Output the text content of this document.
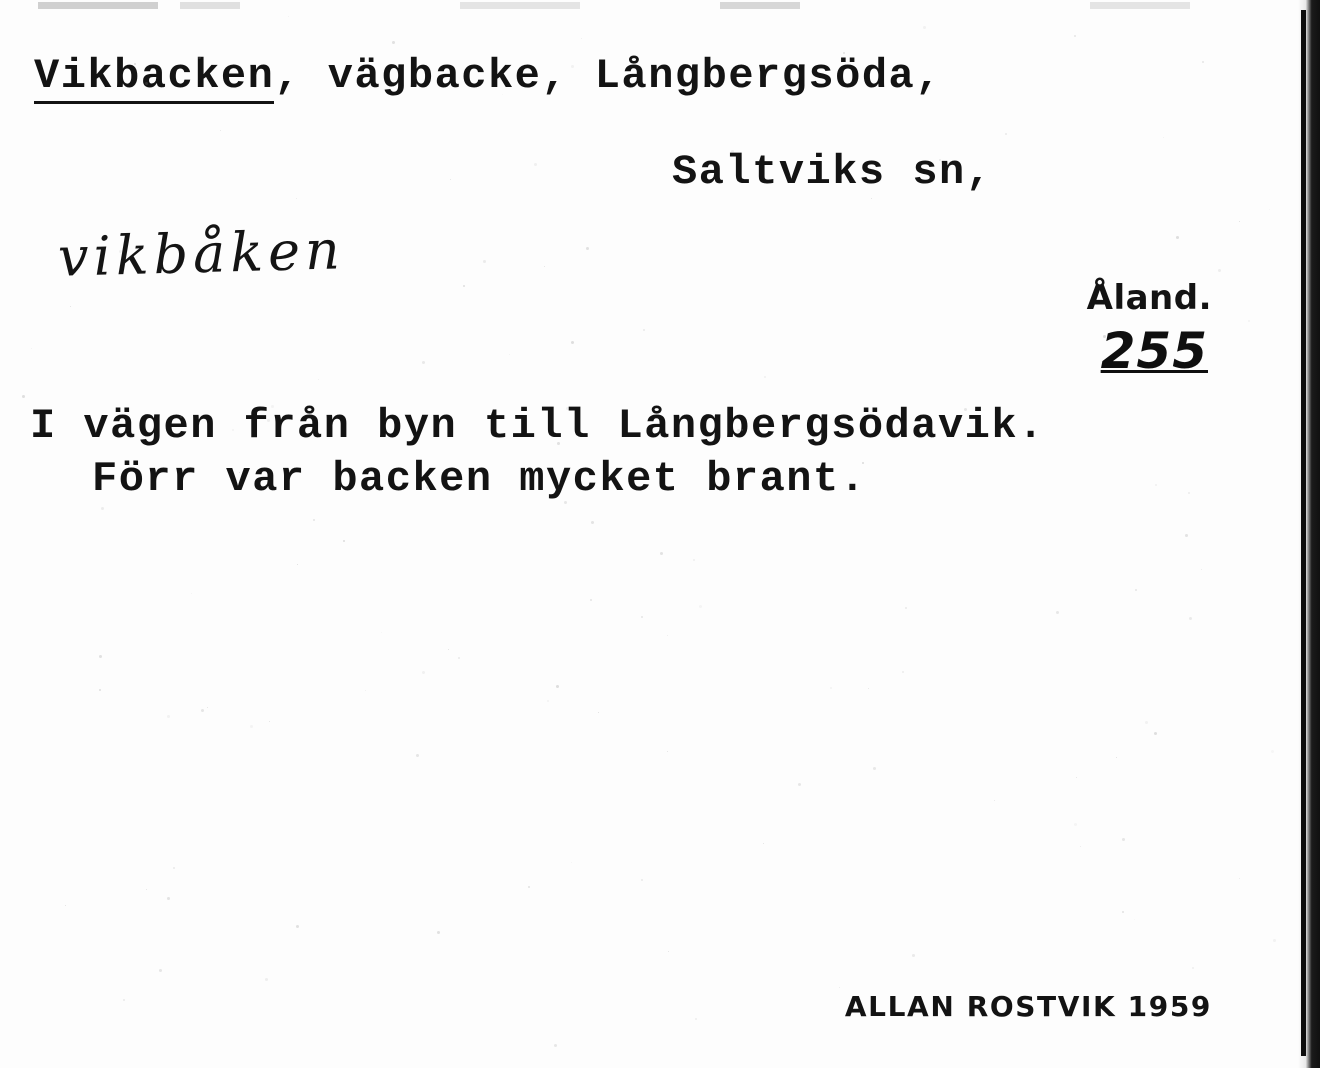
Vikbacken, vägbacke, Långbergsöda,
Saltviks sn,
vikbåken
Åland.
255
I vägen från byn till Långbergsödavik.
Förr var backen mycket brant.
ALLAN ROSTVIK 1959
